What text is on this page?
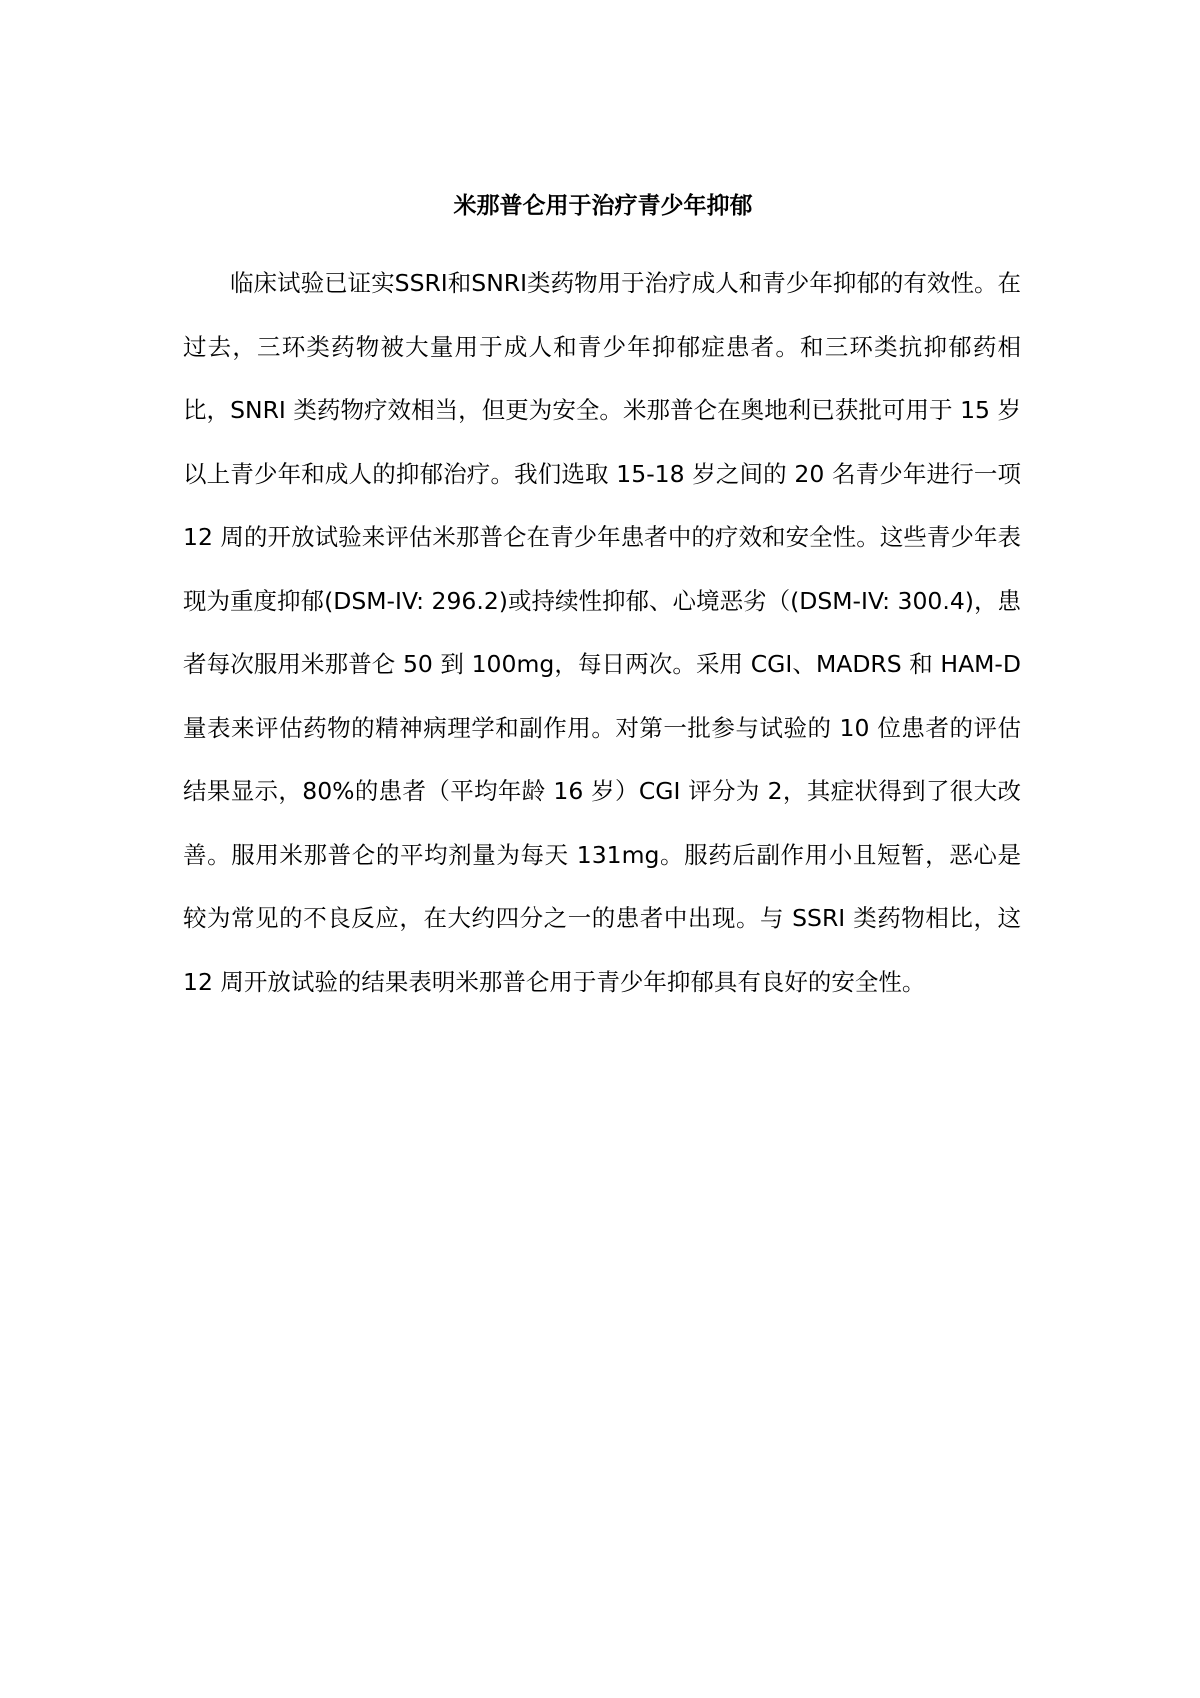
米那普仑用于治疗青少年抑郁

临床试验已证实SSRI和SNRI类药物用于治疗成人和青少年抑郁的有效性。在过去，三环类药物被大量用于成人和青少年抑郁症患者。和三环类抗抑郁药相比，SNRI 类药物疗效相当，但更为安全。米那普仑在奥地利已获批可用于 15 岁以上青少年和成人的抑郁治疗。我们选取 15-18 岁之间的 20 名青少年进行一项 12 周的开放试验来评估米那普仑在青少年患者中的疗效和安全性。这些青少年表现为重度抑郁(DSM-IV: 296.2)或持续性抑郁、心境恶劣（(DSM-IV: 300.4)，患者每次服用米那普仑 50 到 100mg，每日两次。采用 CGI、MADRS 和 HAM-D 量表来评估药物的精神病理学和副作用。对第一批参与试验的 10 位患者的评估结果显示，80%的患者（平均年龄 16 岁）CGI 评分为 2，其症状得到了很大改善。服用米那普仑的平均剂量为每天 131mg。服药后副作用小且短暂，恶心是较为常见的不良反应，在大约四分之一的患者中出现。与 SSRI 类药物相比，这 12 周开放试验的结果表明米那普仑用于青少年抑郁具有良好的安全性。
